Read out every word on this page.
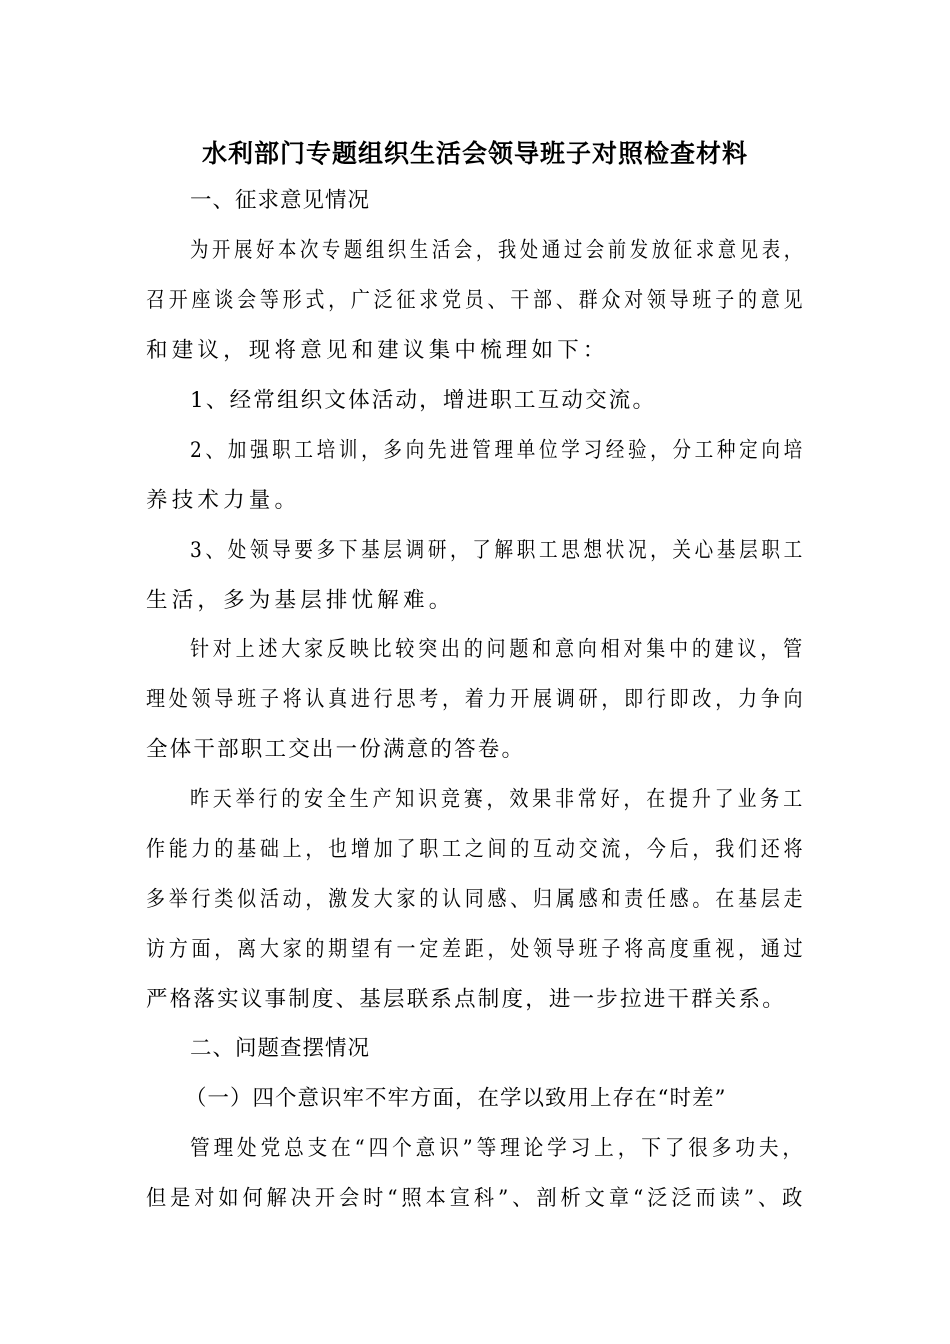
水利部门专题组织生活会领导班子对照检查材料
一、征求意见情况
为开展好本次专题组织生活会，我处通过会前发放征求意见表，
召开座谈会等形式，广泛征求党员、干部、群众对领导班子的意见
和建议，现将意见和建议集中梳理如下：
1、经常组织文体活动，增进职工互动交流。
2、加强职工培训，多向先进管理单位学习经验，分工种定向培
养技术力量。
3、处领导要多下基层调研，了解职工思想状况，关心基层职工
生活，多为基层排忧解难。
针对上述大家反映比较突出的问题和意向相对集中的建议，管
理处领导班子将认真进行思考，着力开展调研，即行即改，力争向
全体干部职工交出一份满意的答卷。
昨天举行的安全生产知识竞赛，效果非常好，在提升了业务工
作能力的基础上，也增加了职工之间的互动交流，今后，我们还将
多举行类似活动，激发大家的认同感、归属感和责任感。在基层走
访方面，离大家的期望有一定差距，处领导班子将高度重视，通过
严格落实议事制度、基层联系点制度，进一步拉进干群关系。
二、问题查摆情况
（一）四个意识牢不牢方面，在学以致用上存在“时差”
管理处党总支在“四个意识”等理论学习上，下了很多功夫，
但是对如何解决开会时“照本宣科”、剖析文章“泛泛而读”、政
